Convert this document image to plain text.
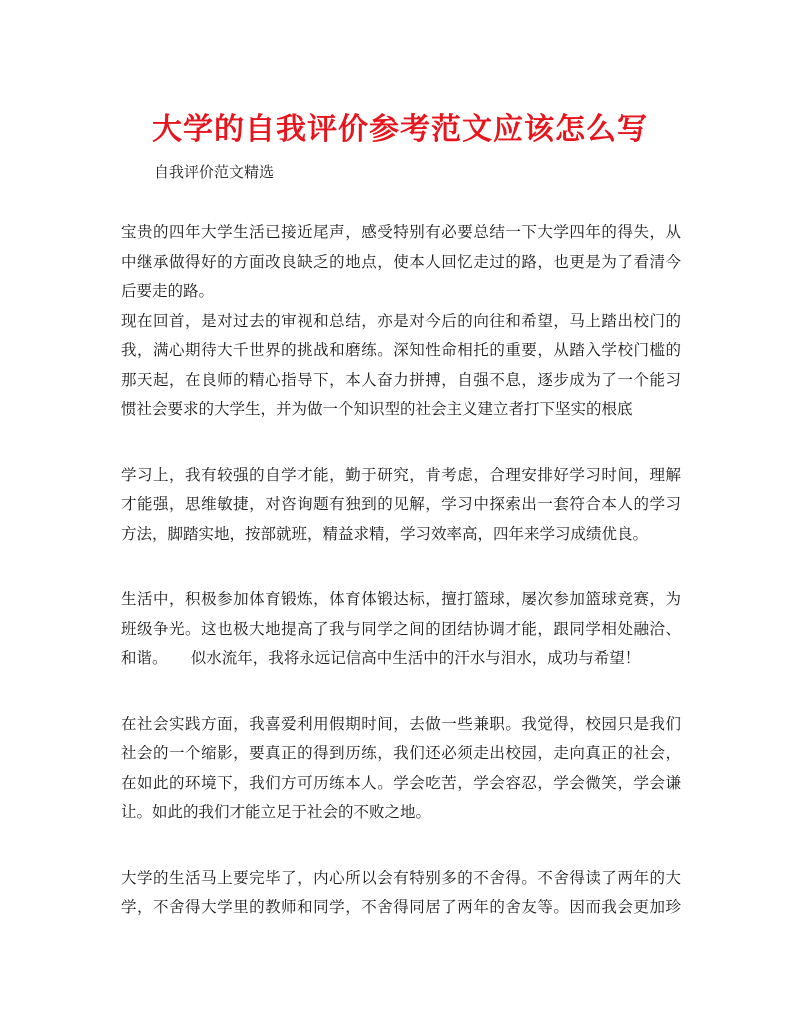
大学的自我评价参考范文应该怎么写
自我评价范文精选
宝贵的四年大学生活已接近尾声，感受特别有必要总结一下大学四年的得失，从
中继承做得好的方面改良缺乏的地点，使本人回忆走过的路，也更是为了看清今
后要走的路。
现在回首，是对过去的审视和总结，亦是对今后的向往和希望，马上踏出校门的
我，满心期待大千世界的挑战和磨练。深知性命相托的重要，从踏入学校门槛的
那天起，在良师的精心指导下，本人奋力拼搏，自强不息，逐步成为了一个能习
惯社会要求的大学生，并为做一个知识型的社会主义建立者打下坚实的根底
学习上，我有较强的自学才能，勤于研究，肯考虑，合理安排好学习时间，理解
才能强，思维敏捷，对咨询题有独到的见解，学习中探索出一套符合本人的学习
方法，脚踏实地，按部就班，精益求精，学习效率高，四年来学习成绩优良。
生活中，积极参加体育锻炼，体育体锻达标，擅打篮球，屡次参加篮球竞赛，为
班级争光。这也极大地提高了我与同学之间的团结协调才能，跟同学相处融洽、
和谐。　　似水流年，我将永远记信高中生活中的汗水与泪水，成功与希望！
在社会实践方面，我喜爱利用假期时间，去做一些兼职。我觉得，校园只是我们
社会的一个缩影，要真正的得到历练，我们还必须走出校园，走向真正的社会，
在如此的环境下，我们方可历练本人。学会吃苦，学会容忍，学会微笑，学会谦
让。如此的我们才能立足于社会的不败之地。
大学的生活马上要完毕了，内心所以会有特别多的不舍得。不舍得读了两年的大
学，不舍得大学里的教师和同学，不舍得同居了两年的舍友等。因而我会更加珍
